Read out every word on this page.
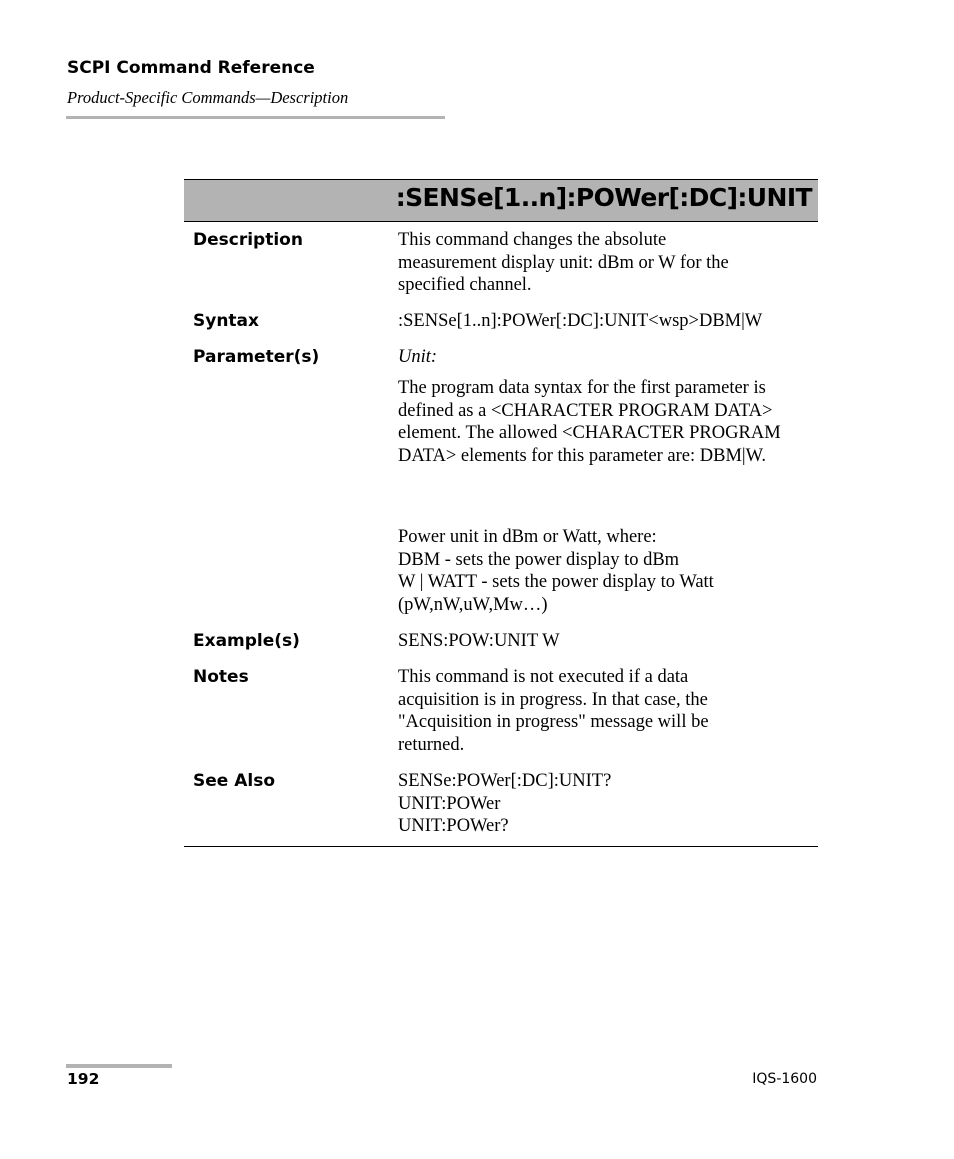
SCPI Command Reference
Product-Specific Commands—Description
:SENSe[1..n]:POWer[:DC]:UNIT
Description	This command changes the absolute
measurement display unit: dBm or W for the
specified channel.
Syntax	:SENSe[1..n]:POWer[:DC]:UNIT<wsp>DBM|W
Parameter(s)	Unit:
The program data syntax for the first parameter is
defined as a <CHARACTER PROGRAM DATA>
element. The allowed <CHARACTER PROGRAM
DATA> elements for this parameter are: DBM|W.
Power unit in dBm or Watt, where:
DBM - sets the power display to dBm
W | WATT - sets the power display to Watt
(pW,nW,uW,Mw…)
Example(s)	SENS:POW:UNIT W
Notes	This command is not executed if a data
acquisition is in progress. In that case, the
"Acquisition in progress" message will be
returned.
See Also	SENSe:POWer[:DC]:UNIT?
UNIT:POWer
UNIT:POWer?
192	IQS-1600
